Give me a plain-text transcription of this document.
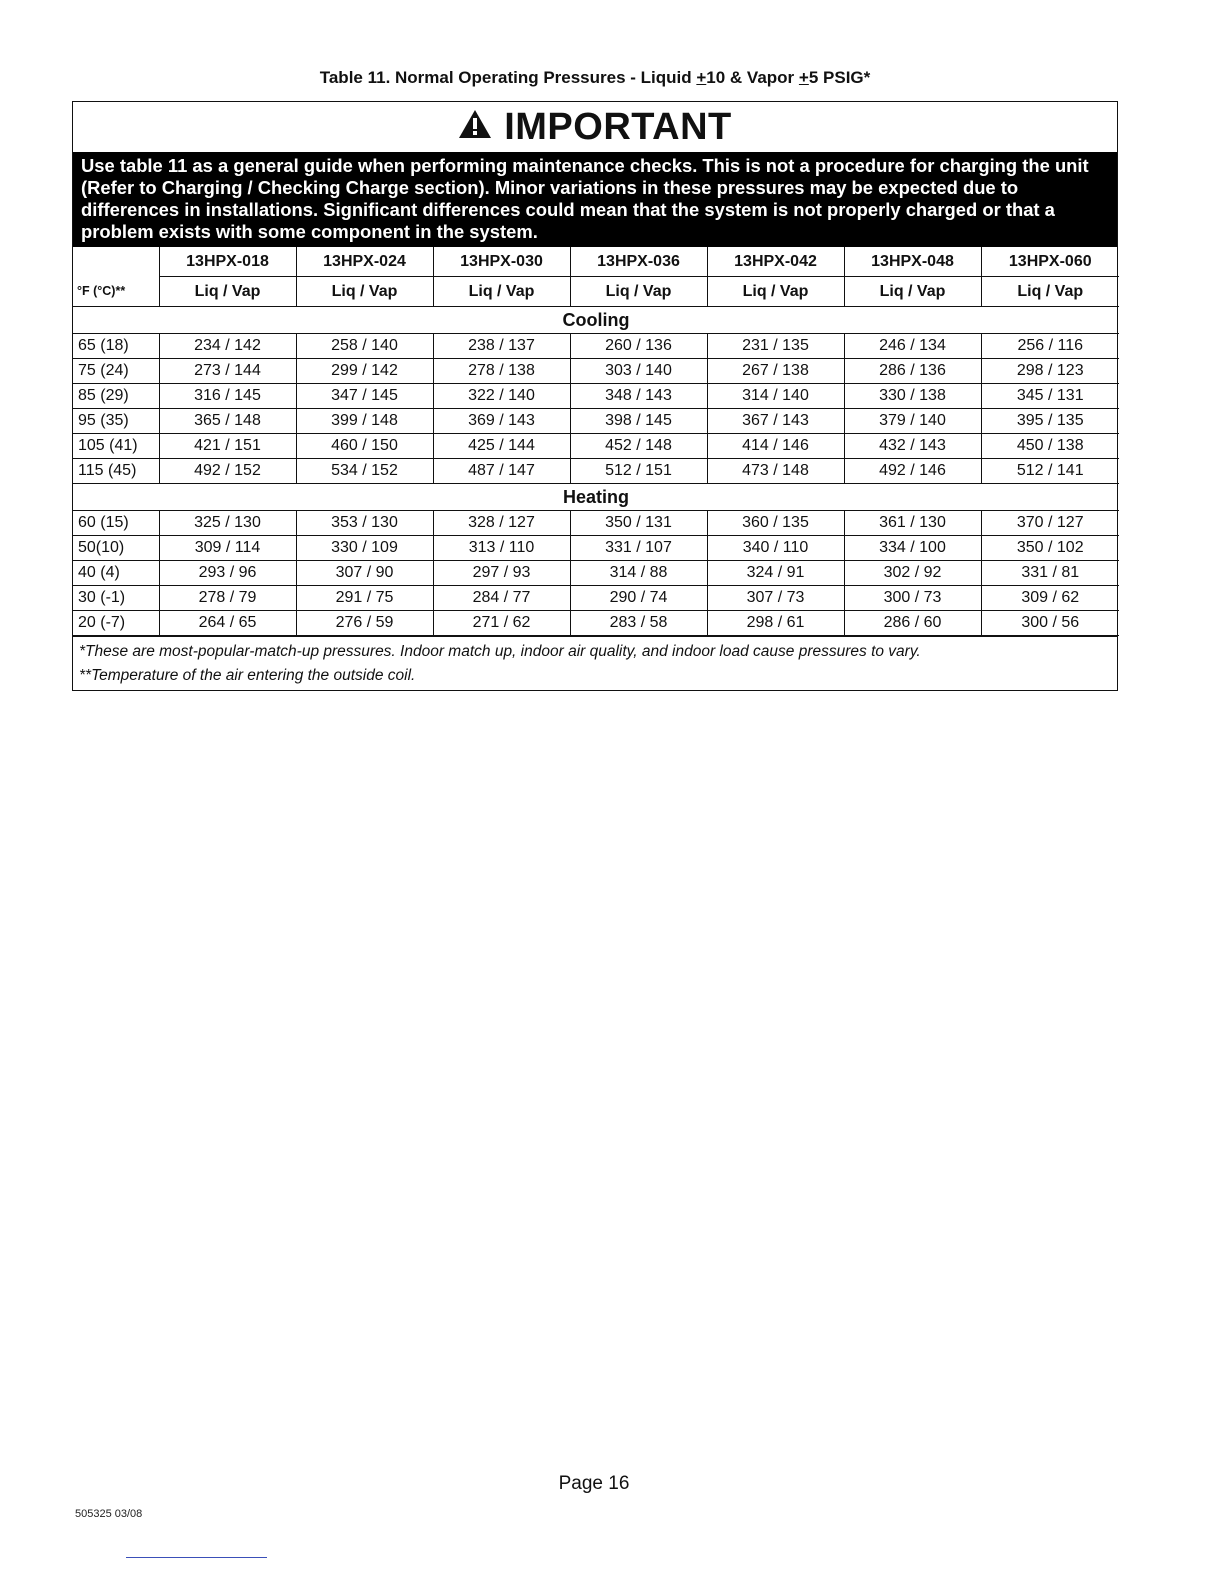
Table 11. Normal Operating Pressures - Liquid +10 & Vapor +5 PSIG*
IMPORTANT
Use table 11 as a general guide when performing maintenance checks. This is not a procedure for charging the unit (Refer to Charging / Checking Charge section). Minor variations in these pressures may be expected due to differences in installations. Significant differences could mean that the system is not properly charged or that a problem exists with some component in the system.
	13HPX-018	13HPX-024	13HPX-030	13HPX-036	13HPX-042	13HPX-048	13HPX-060
°F (°C)**	Liq / Vap	Liq / Vap	Liq / Vap	Liq / Vap	Liq / Vap	Liq / Vap	Liq / Vap
Cooling							
65 (18)	234 / 142	258 / 140	238 / 137	260 / 136	231 / 135	246 / 134	256 / 116
75 (24)	273 / 144	299 / 142	278 / 138	303 / 140	267 / 138	286 / 136	298 / 123
85 (29)	316 / 145	347 / 145	322 / 140	348 / 143	314 / 140	330 / 138	345 / 131
95 (35)	365 / 148	399 / 148	369 / 143	398 / 145	367 / 143	379 / 140	395 / 135
105 (41)	421 / 151	460 / 150	425 / 144	452 / 148	414 / 146	432 / 143	450 / 138
115 (45)	492 / 152	534 / 152	487 / 147	512 / 151	473 / 148	492 / 146	512 / 141
Heating							
60 (15)	325 / 130	353 / 130	328 / 127	350 / 131	360 / 135	361 / 130	370 / 127
50(10)	309 / 114	330 / 109	313 / 110	331 / 107	340 / 110	334 / 100	350 / 102
40 (4)	293 / 96	307 / 90	297 / 93	314 / 88	324 / 91	302 / 92	331 / 81
30 (-1)	278 / 79	291 / 75	284 / 77	290 / 74	307 / 73	300 / 73	309 / 62
20 (-7)	264 / 65	276 / 59	271 / 62	283 / 58	298 / 61	286 / 60	300 / 56
*These are most-popular-match-up pressures. Indoor match up, indoor air quality, and indoor load cause pressures to vary.
**Temperature of the air entering the outside coil.
Page 16
505325 03/08
